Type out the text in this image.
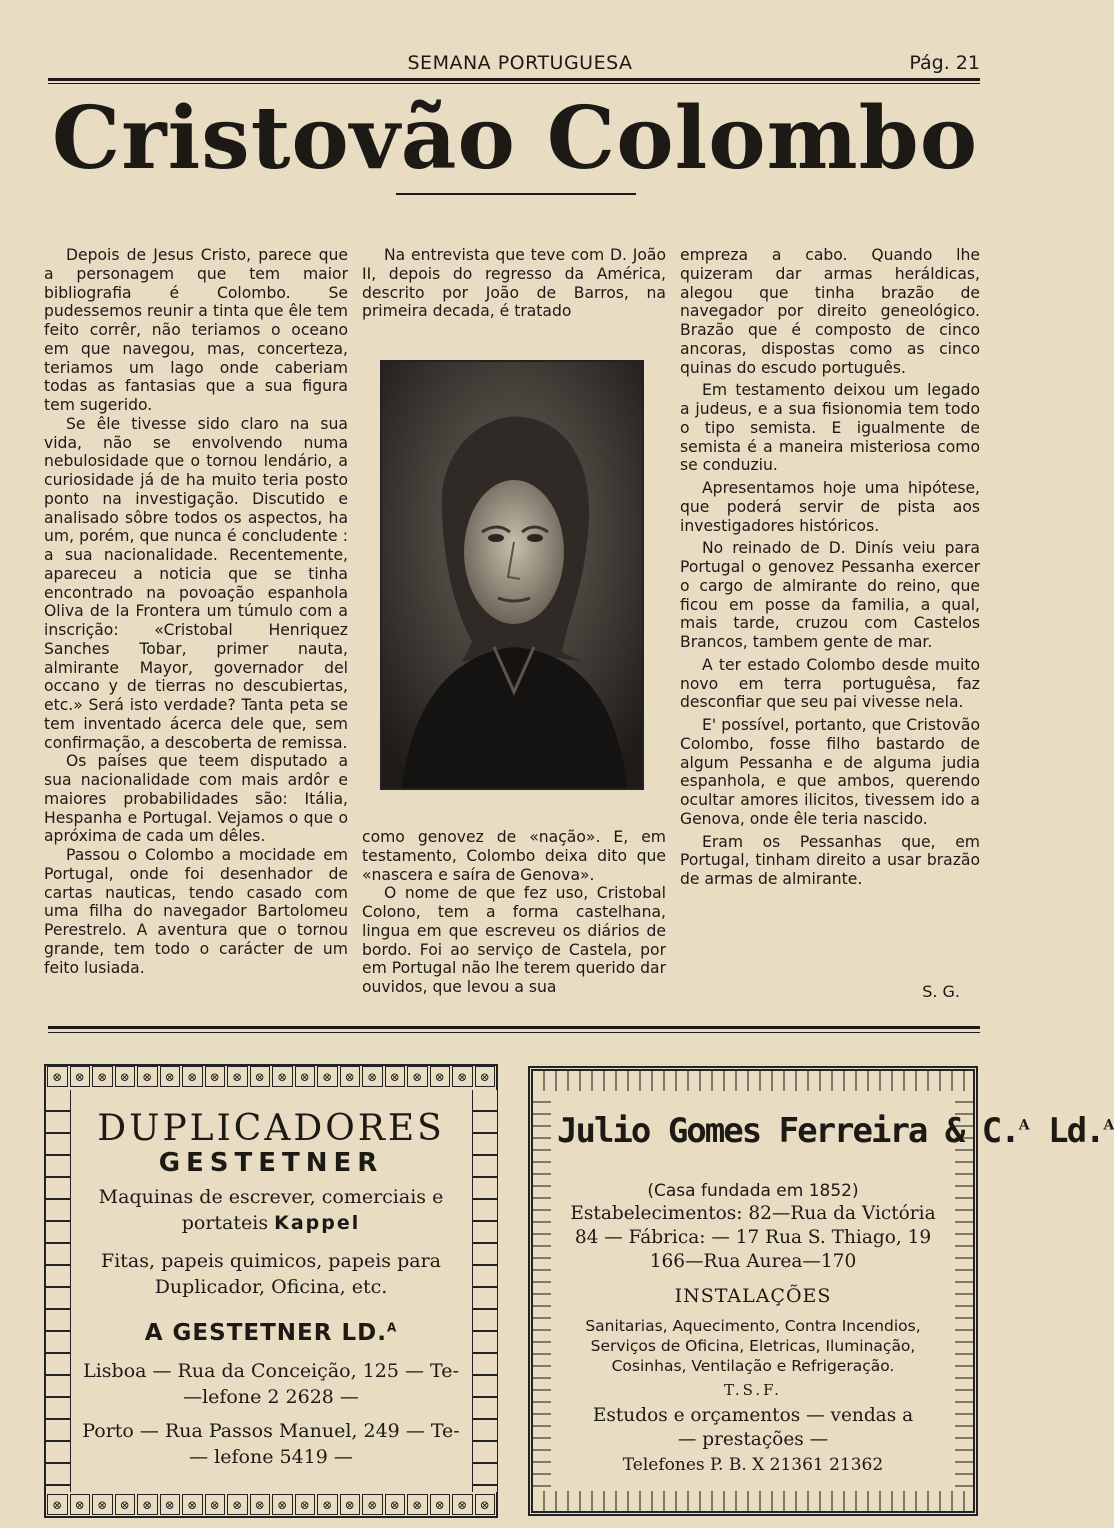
SEMANA PORTUGUESA	Pág. 21
Cristovão Colombo

Depois de Jesus Cristo, parece que a personagem que tem maior bibliografia é Colombo. Se pudessemos reunir a tinta que êle tem feito corrêr, não teriamos o oceano em que navegou, mas, concerteza, teriamos um lago onde caberiam todas as fantasias que a sua figura tem sugerido.

Se êle tivesse sido claro na sua vida, não se envolvendo numa nebulosidade que o tornou lendário, a curiosidade já de ha muito teria posto ponto na investigação. Discutido e analisado sôbre todos os aspectos, ha um, porém, que nunca é concludente : a sua nacionalidade. Recentemente, apareceu a noticia que se tinha encontrado na povoação espanhola Oliva de la Frontera um túmulo com a inscrição: «Cristobal Henriquez Sanches Tobar, primer nauta, almirante Mayor, governador del occano y de tierras no descubiertas, etc.» Será isto verdade? Tanta peta se tem inventado ácerca dele que, sem confirmação, a descoberta de remissa.

Os países que teem disputado a sua nacionalidade com mais ardôr e maiores probabilidades são: Itália, Hespanha e Portugal. Vejamos o que o apróxima de cada um dêles.

Passou o Colombo a mocidade em Portugal, onde foi desenhador de cartas nauticas, tendo casado com uma filha do navegador Bartolomeu Perestrelo. A aventura que o tornou grande, tem todo o carácter de um feito lusiada.

Na entrevista que teve com D. João II, depois do regresso da América, descrito por João de Barros, na primeira decada, é tratado

como genovez de «nação». E, em testamento, Colombo deixa dito que «nascera e saíra de Genova».

O nome de que fez uso, Cristobal Colono, tem a forma castelhana, lingua em que escreveu os diários de bordo. Foi ao serviço de Castela, por em Portugal não lhe terem querido dar ouvidos, que levou a sua

empreza a cabo. Quando lhe quizeram dar armas heráldicas, alegou que tinha brazão de navegador por direito geneológico. Brazão que é composto de cinco ancoras, dispostas como as cinco quinas do escudo português.

Em testamento deixou um legado a judeus, e a sua fisionomia tem todo o tipo semista. E igualmente de semista é a maneira misteriosa como se conduziu.

Apresentamos hoje uma hipótese, que poderá servir de pista aos investigadores históricos.

No reinado de D. Dinís veiu para Portugal o genovez Pessanha exercer o cargo de almirante do reino, que ficou em posse da familia, a qual, mais tarde, cruzou com Castelos Brancos, tambem gente de mar.

A ter estado Colombo desde muito novo em terra portuguêsa, faz desconfiar que seu pai vivesse nela.

E' possível, portanto, que Cristovão Colombo, fosse filho bastardo de algum Pessanha e de alguma judia espanhola, e que ambos, querendo ocultar amores ilicitos, tivessem ido a Genova, onde êle teria nascido.

Eram os Pessanhas que, em Portugal, tinham direito a usar brazão de armas de almirante.

S. G.
⊗	⊗	⊗	⊗	⊗	⊗	⊗	⊗	⊗	⊗	⊗	⊗	⊗	⊗	⊗	⊗	⊗	⊗	⊗	⊗
⊗	⊗	⊗	⊗	⊗	⊗	⊗	⊗	⊗	⊗	⊗	⊗	⊗	⊗	⊗	⊗	⊗	⊗	⊗	⊗
DUPLICADORES
GESTETNER
Maquinas de escrever, comerciais e
portateis Kappel
Fitas, papeis quimicos, papeis para
Duplicador, Oficina, etc.
A GESTETNER LD.$^A$
Lisboa — Rua da Conceição, 125 — Te-
—lefone 2 2628 —
Porto — Rua Passos Manuel, 249 — Te-
— lefone 5419 —
Julio Gomes Ferreira & C.$^A$ Ld.$^A$
(Casa fundada em 1852)
Estabelecimentos: 82—Rua da Victória
84 — Fábrica: — 17 Rua S. Thiago, 19
166—Rua Aurea—170
INSTALAÇÕES
Sanitarias, Aquecimento, Contra Incendios,
Serviços de Oficina, Eletricas, Iluminação,
Cosinhas, Ventilação e Refrigeração.
T.S.F.
Estudos e orçamentos — vendas a
— prestações —
Telefones P. B. X 21361 21362
